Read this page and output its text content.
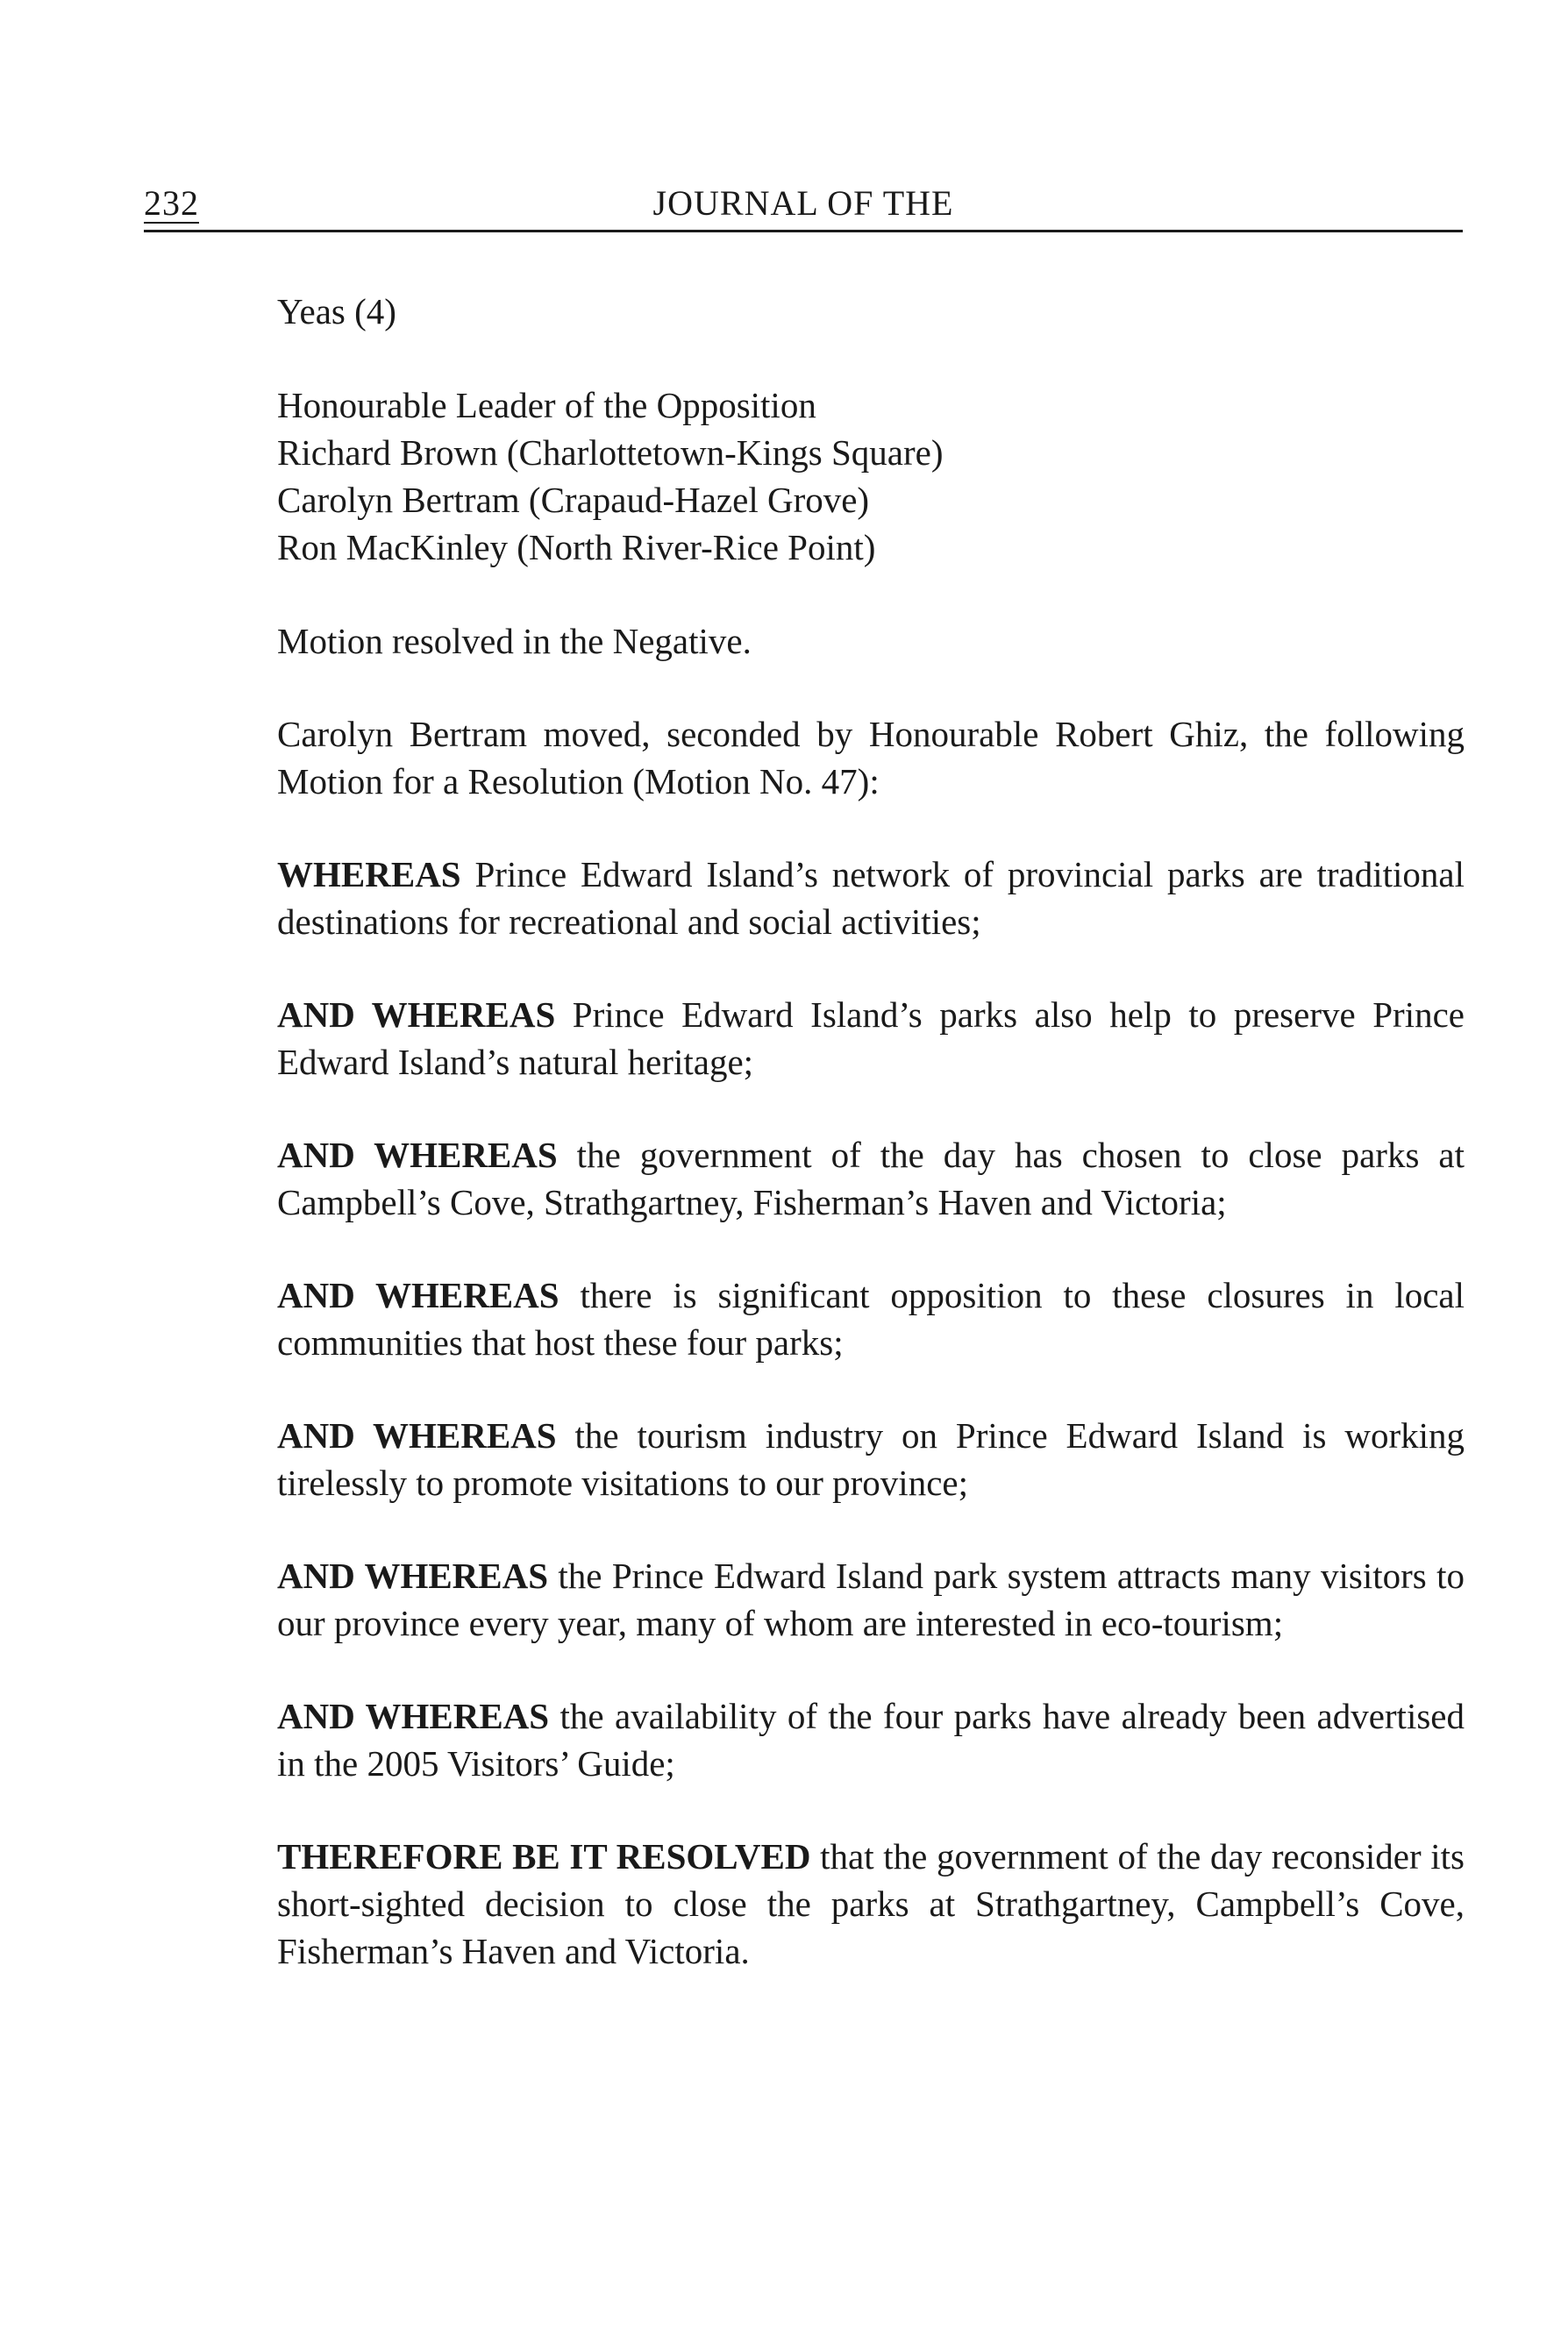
232	JOURNAL OF THE

Yeas (4)

Honourable Leader of the Opposition
Richard Brown (Charlottetown-Kings Square)
Carolyn Bertram (Crapaud-Hazel Grove)
Ron MacKinley (North River-Rice Point)

Motion resolved in the Negative.

Carolyn Bertram moved, seconded by Honourable Robert Ghiz, the following Motion for a Resolution (Motion No. 47):

WHEREAS Prince Edward Island’s network of provincial parks are traditional destinations for recreational and social activities;

AND WHEREAS Prince Edward Island’s parks also help to preserve Prince Edward Island’s natural heritage;

AND WHEREAS the government of the day has chosen to close parks at Campbell’s Cove, Strathgartney, Fisherman’s Haven and Victoria;

AND WHEREAS there is significant opposition to these closures in local communities that host these four parks;

AND WHEREAS the tourism industry on Prince Edward Island is working tirelessly to promote visitations to our province;

AND WHEREAS the Prince Edward Island park system attracts many visitors to our province every year, many of whom are interested in eco-tourism;

AND WHEREAS the availability of the four parks have already been advertised in the 2005 Visitors’ Guide;

THEREFORE BE IT RESOLVED that the government of the day reconsider its short-sighted decision to close the parks at Strathgartney, Campbell’s Cove, Fisherman’s Haven and Victoria.
